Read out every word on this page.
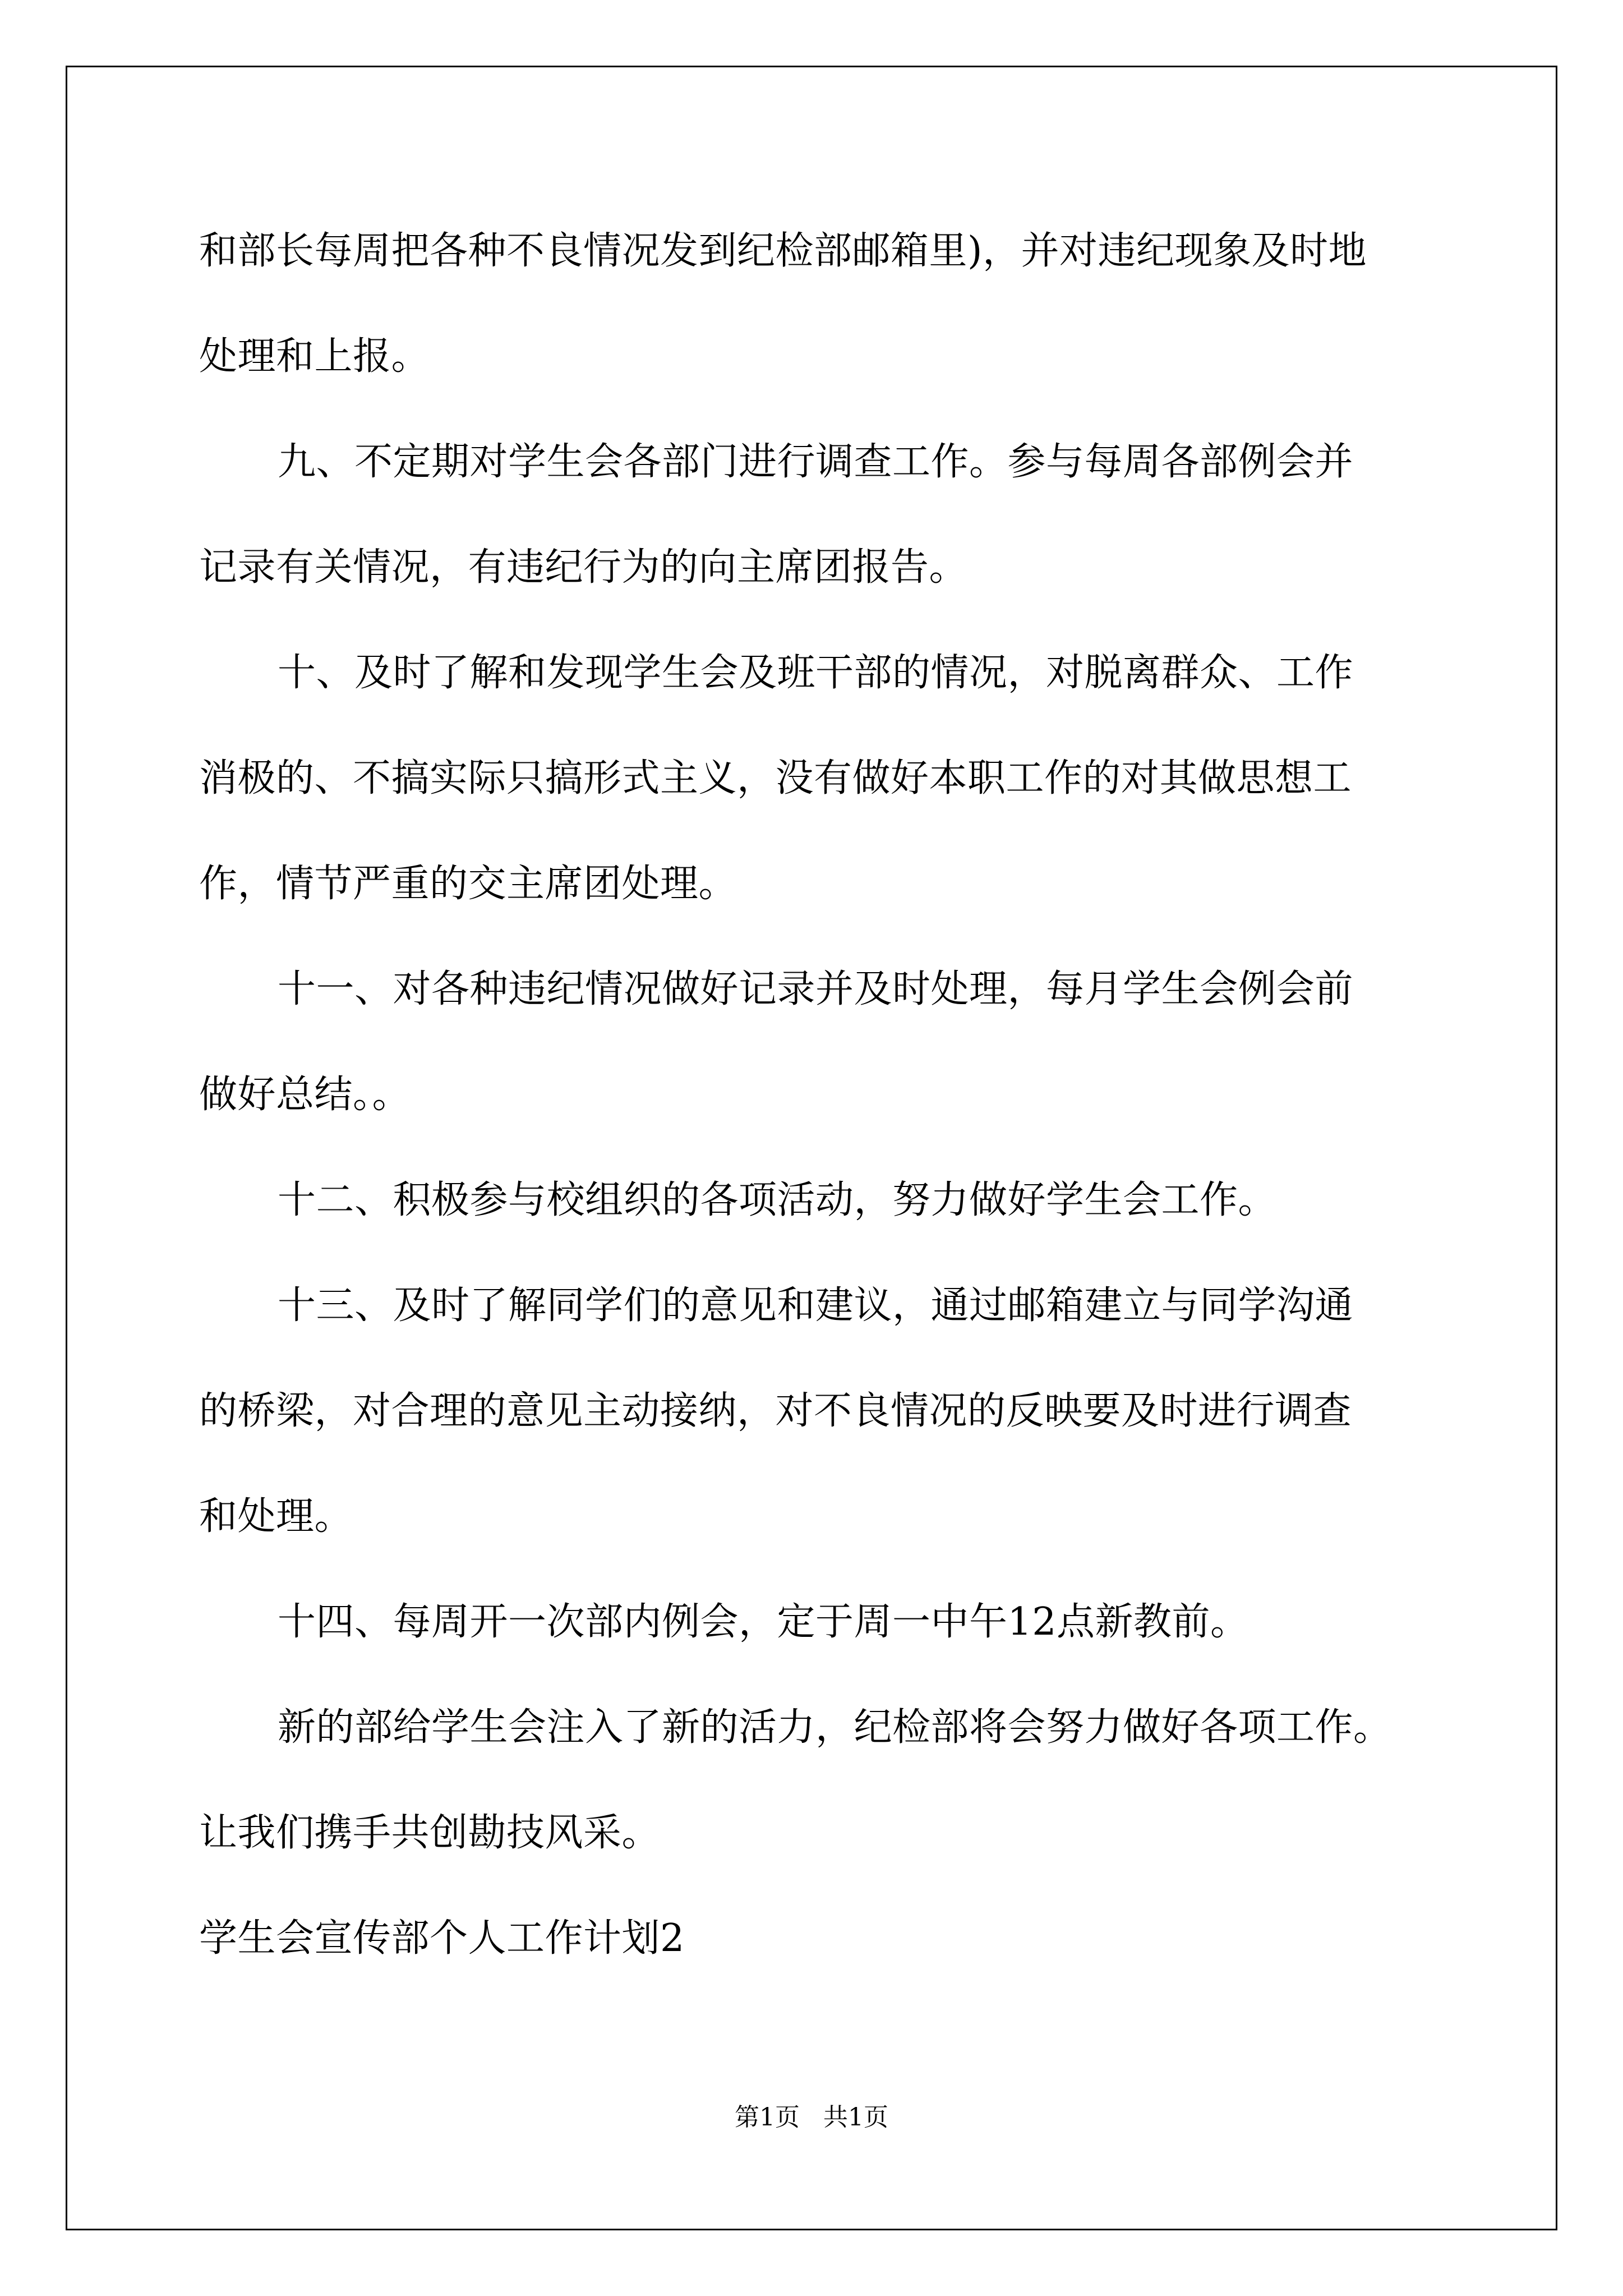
和部长每周把各种不良情况发到纪检部邮箱里)，并对违纪现象及时地
处理和上报。
九、不定期对学生会各部门进行调查工作。参与每周各部例会并
记录有关情况，有违纪行为的向主席团报告。
十、及时了解和发现学生会及班干部的情况，对脱离群众、工作
消极的、不搞实际只搞形式主义，没有做好本职工作的对其做思想工
作，情节严重的交主席团处理。
十一、对各种违纪情况做好记录并及时处理，每月学生会例会前
做好总结。。
十二、积极参与校组织的各项活动，努力做好学生会工作。
十三、及时了解同学们的意见和建议，通过邮箱建立与同学沟通
的桥梁，对合理的意见主动接纳，对不良情况的反映要及时进行调查
和处理。
十四、每周开一次部内例会，定于周一中午12点新教前。
新的部给学生会注入了新的活力，纪检部将会努力做好各项工作。
让我们携手共创勘技风采。
学生会宣传部个人工作计划2
第1页   共1页
